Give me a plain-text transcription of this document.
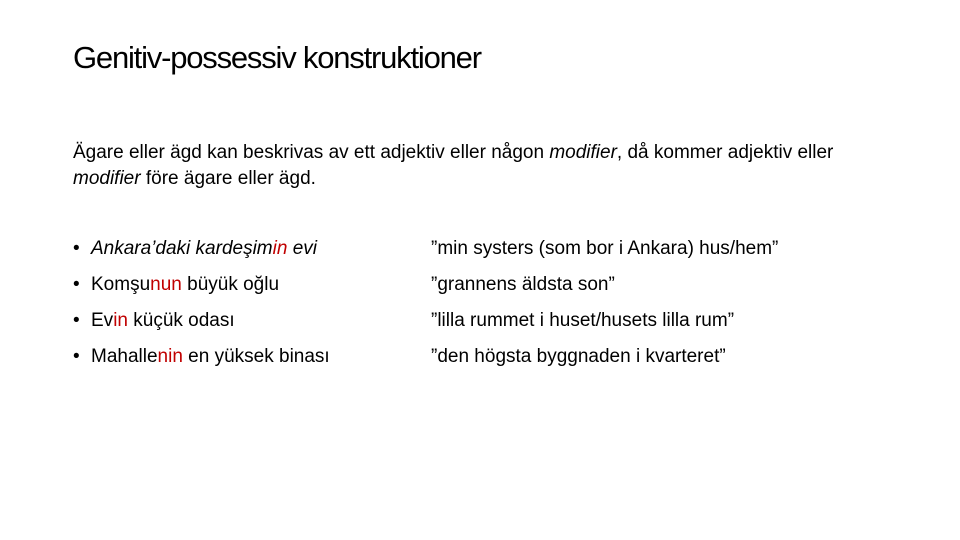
Genitiv-possessiv konstruktioner
Ägare eller ägd kan beskrivas av ett adjektiv eller någon modifier, då kommer adjektiv eller modifier före ägare eller ägd.
• Ankara’daki kardeşimin evi	”min systers (som bor i Ankara) hus/hem”
• Komşunun büyük oğlu	”grannens äldsta son”
• Evin küçük odası	”lilla rummet i huset/husets lilla rum”
• Mahallenin en yüksek binası	”den högsta byggnaden i kvarteret”
